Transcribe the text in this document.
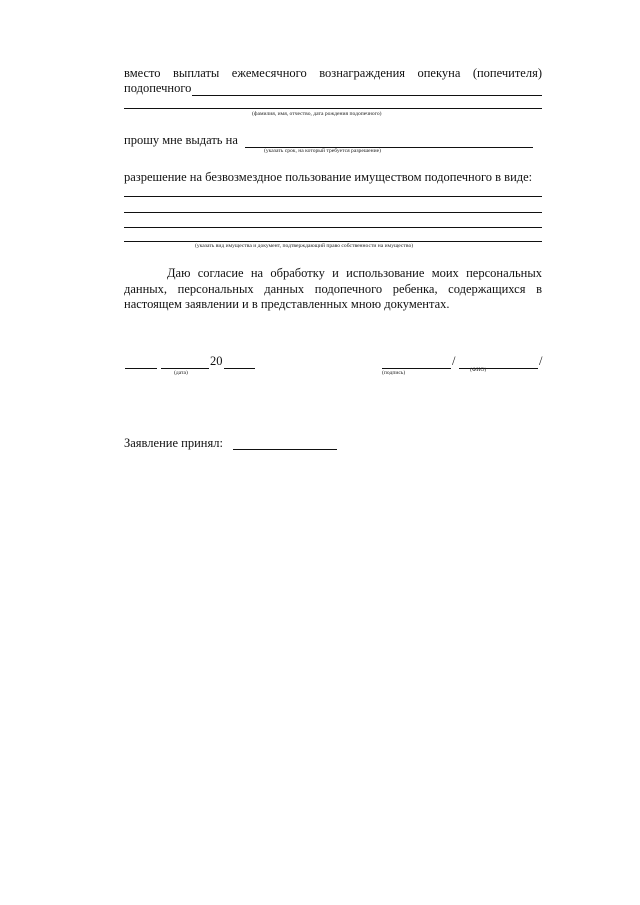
вместо выплаты ежемесячного вознаграждения опекуна (попечителя)
подопечного
(фамилия, имя, отчество, дата рождения подопечного)
прошу мне выдать на
(указать срок, на который требуется разрешение)
разрешение на безвозмездное пользование имуществом подопечного в виде:
(указать вид имущества и документ, подтверждающий право собственности на имущество)
Даю согласие на обработку и использование моих персональных данных, персональных данных подопечного ребенка, содержащихся в настоящем заявлении и в представленных мною документах.
20
(дата)
/	/
(подпись)	(ФИО)
Заявление принял:
